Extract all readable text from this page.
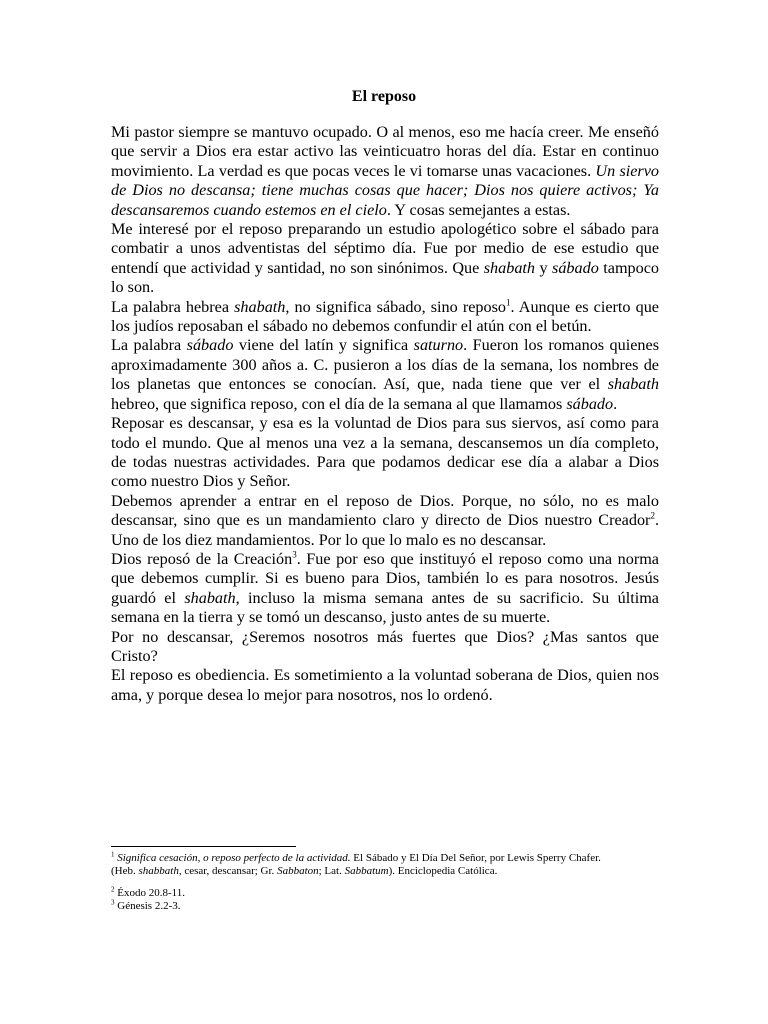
El reposo

Mi pastor siempre se mantuvo ocupado. O al menos, eso me hacía creer. Me enseñó que servir a Dios era estar activo las veinticuatro horas del día. Estar en continuo movimiento. La verdad es que pocas veces le vi tomarse unas vacaciones. Un siervo de Dios no descansa; tiene muchas cosas que hacer; Dios nos quiere activos; Ya descansaremos cuando estemos en el cielo. Y cosas semejantes a estas.

Me interesé por el reposo preparando un estudio apologético sobre el sábado para combatir a unos adventistas del séptimo día. Fue por medio de ese estudio que entendí que actividad y santidad, no son sinónimos. Que shabath y sábado tampoco lo son.

La palabra hebrea shabath, no significa sábado, sino reposo$^1$. Aunque es cierto que los judíos reposaban el sábado no debemos confundir el atún con el betún.

La palabra sábado viene del latín y significa saturno. Fueron los romanos quienes aproximadamente 300 años a. C. pusieron a los días de la semana, los nombres de los planetas que entonces se conocían. Así, que, nada tiene que ver el shabath hebreo, que significa reposo, con el día de la semana al que llamamos sábado.

Reposar es descansar, y esa es la voluntad de Dios para sus siervos, así como para todo el mundo. Que al menos una vez a la semana, descansemos un día completo, de todas nuestras actividades. Para que podamos dedicar ese día a alabar a Dios como nuestro Dios y Señor.

Debemos aprender a entrar en el reposo de Dios. Porque, no sólo, no es malo descansar, sino que es un mandamiento claro y directo de Dios nuestro Creador$^2$. Uno de los diez mandamientos. Por lo que lo malo es no descansar.

Dios reposó de la Creación$^3$. Fue por eso que instituyó el reposo como una norma que debemos cumplir. Si es bueno para Dios, también lo es para nosotros. Jesús guardó el shabath, incluso la misma semana antes de su sacrificio. Su última semana en la tierra y se tomó un descanso, justo antes de su muerte.

Por no descansar, ¿Seremos nosotros más fuertes que Dios? ¿Mas santos que Cristo?

El reposo es obediencia. Es sometimiento a la voluntad soberana de Dios, quien nos ama, y porque desea lo mejor para nosotros, nos lo ordenó.

$^1$ Significa cesación, o reposo perfecto de la actividad. El Sábado y El Día Del Señor, por Lewis Sperry Chafer.

(Heb. shabbath, cesar, descansar; Gr. Sabbaton; Lat. Sabbatum). Enciclopedia Católica.

$^2$ Éxodo 20.8-11.

$^3$ Génesis 2.2-3.
